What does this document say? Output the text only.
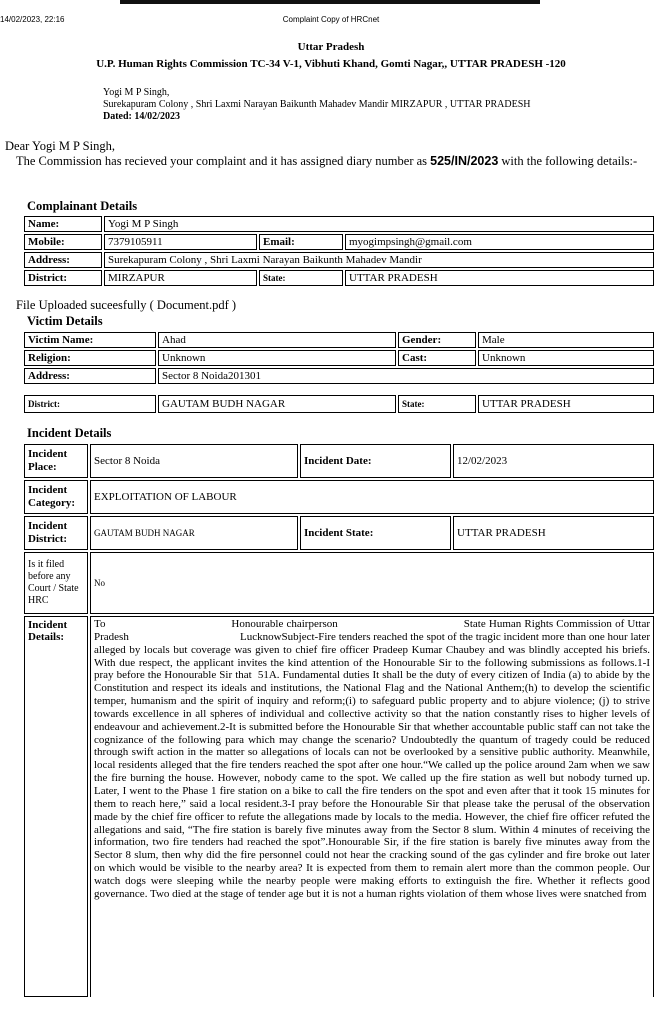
14/02/2023, 22:16	Complaint Copy of HRCnet
Uttar Pradesh
U.P. Human Rights Commission TC-34 V-1, Vibhuti Khand, Gomti Nagar,, UTTAR PRADESH -120
Yogi M P Singh,
Surekapuram Colony , Shri Laxmi Narayan Baikunth Mahadev Mandir MIRZAPUR , UTTAR PRADESH
Dated: 14/02/2023
Dear Yogi M P Singh,
The Commission has recieved your complaint and it has assigned diary number as 525/IN/2023 with the following details:-
Complainant Details
Name:	Yogi M P Singh		
Mobile:	7379105911	Email:	myogimpsingh@gmail.com
Address:	Surekapuram Colony , Shri Laxmi Narayan Baikunth Mahadev Mandir		
District:	MIRZAPUR	State:	UTTAR PRADESH
File Uploaded suceesfully ( Document.pdf )
Victim Details
Victim Name:	Ahad	Gender:	Male
Religion:	Unknown	Cast:	Unknown
Address:	Sector 8 Noida201301		
District:	GAUTAM BUDH NAGAR	State:	UTTAR PRADESH
Incident Details
Incident Place:	Sector 8 Noida	Incident Date:	12/02/2023
Incident Category:	EXPLOITATION OF LABOUR		
Incident District:	GAUTAM BUDH NAGAR	Incident State:	UTTAR PRADESH
Is it filed before any Court / State HRC	No		
Incident Details:	To                                        Honourable chairperson                                        State Human Rights Commission of Uttar Pradesh                                        LucknowSubject-Fire tenders reached the spot of the tragic incident more than one hour later alleged by locals but coverage was given to chief fire officer Pradeep Kumar Chaubey and was blindly accepted his briefs.  With due respect, the applicant invites the kind attention of the Honourable Sir to the following submissions as follows.1-I pray before the Honourable Sir that  51A. Fundamental duties It shall be the duty of every citizen of India (a) to abide by the Constitution and respect its ideals and institutions, the National Flag and the National Anthem;(h) to develop the scientific temper, humanism and the spirit of inquiry and reform;(i) to safeguard public property and to abjure violence; (j) to strive towards excellence in all spheres of individual and collective activity so that the nation constantly rises to higher levels of endeavour and achievement.2-It is submitted before the Honourable Sir that whether accountable public staff can not take the cognizance of the following para which may change the scenario? Undoubtedly the quantum of tragedy could be reduced through swift action in the matter so allegations of locals can not be overlooked by a sensitive public authority. Meanwhile, local residents alleged that the fire tenders reached the spot after one hour.“We called up the police around 2am when we saw the fire burning the house. However, nobody came to the spot. We called up the fire station as well but nobody turned up. Later, I went to the Phase 1 fire station on a bike to call the fire tenders on the spot and even after that it took 15 minutes for them to reach here,” said a local resident.3-I pray before the Honourable Sir that please take the perusal of the observation made by the chief fire officer to refute the allegations made by locals to the media. However, the chief fire officer refuted the allegations and said, “The fire station is barely five minutes away from the Sector 8 slum. Within 4 minutes of receiving the information, two fire tenders had reached the spot”.Honourable Sir, if the fire station is barely five minutes away from the Sector 8 slum, then why did the fire personnel could not hear the cracking sound of the gas cylinder and fire broke out later on which would be visible to the nearby area? It is expected from them to remain alert more than the common people. Our watch dogs were sleeping while the nearby people were making efforts to extinguish the fire. Whether it reflects good governance. Two died at the stage of tender age but it is not a human rights violation of them whose lives were snatched from		
